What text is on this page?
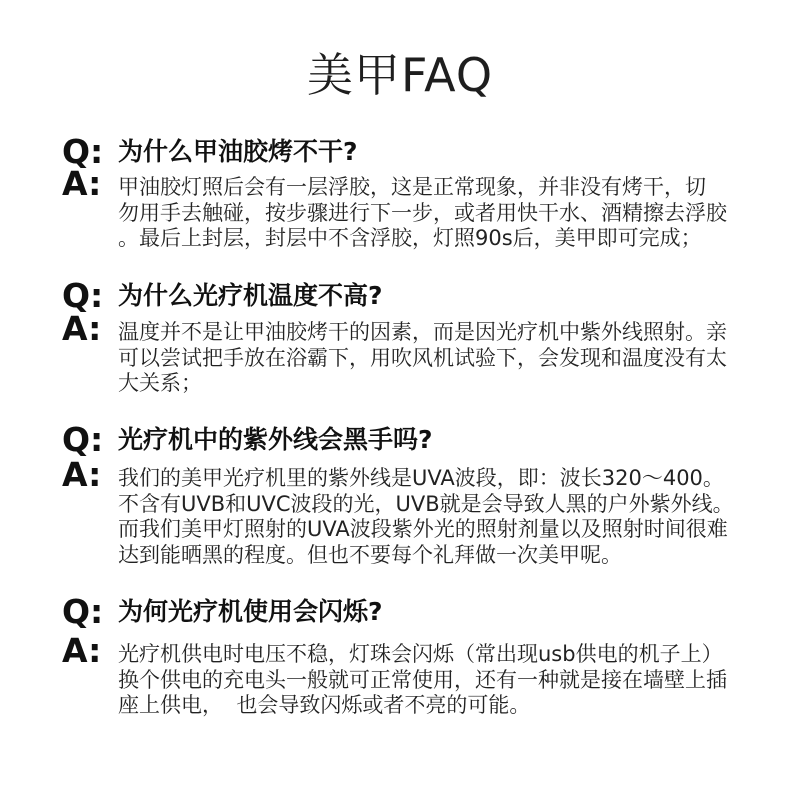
美甲FAQ
Q: 为什么甲油胶烤不干?
A: 甲油胶灯照后会有一层浮胶，这是正常现象，并非没有烤干，切
勿用手去触碰，按步骤进行下一步，或者用快干水、酒精擦去浮胶
。最后上封层，封层中不含浮胶，灯照90s后，美甲即可完成；
Q: 为什么光疗机温度不高?
A: 温度并不是让甲油胶烤干的因素，而是因光疗机中紫外线照射。亲
可以尝试把手放在浴霸下，用吹风机试验下，会发现和温度没有太
大关系；
Q: 光疗机中的紫外线会黑手吗?
A: 我们的美甲光疗机里的紫外线是UVA波段，即：波长320～400。
不含有UVB和UVC波段的光，UVB就是会导致人黑的户外紫外线。
而我们美甲灯照射的UVA波段紫外光的照射剂量以及照射时间很难
达到能晒黑的程度。但也不要每个礼拜做一次美甲呢。
Q: 为何光疗机使用会闪烁?
A: 光疗机供电时电压不稳，灯珠会闪烁（常出现usb供电的机子上）
换个供电的充电头一般就可正常使用，还有一种就是接在墙壁上插
座上供电，  也会导致闪烁或者不亮的可能。
